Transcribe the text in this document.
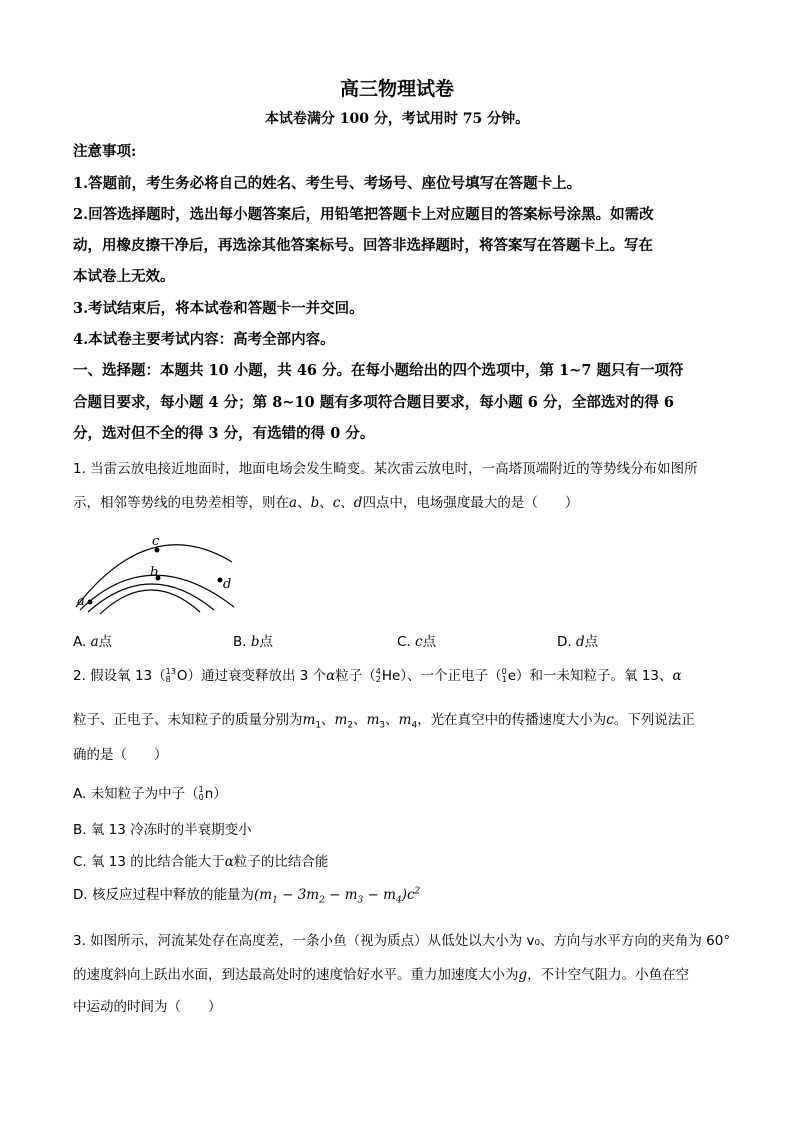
高三物理试卷
本试卷满分 100 分，考试用时 75 分钟。
注意事项:
1.答题前，考生务必将自己的姓名、考生号、考场号、座位号填写在答题卡上。
2.回答选择题时，选出每小题答案后，用铅笔把答题卡上对应题目的答案标号涂黑。如需改
动，用橡皮擦干净后，再选涂其他答案标号。回答非选择题时，将答案写在答题卡上。写在
本试卷上无效。
3.考试结束后，将本试卷和答题卡一并交回。
4.本试卷主要考试内容：高考全部内容。
一、选择题：本题共 10 小题，共 46 分。在每小题给出的四个选项中，第 1~7 题只有一项符
合题目要求，每小题 4 分；第 8~10 题有多项符合题目要求，每小题 6 分，全部选对的得 6
分，选对但不全的得 3 分，有选错的得 0 分。
1. 当雷云放电接近地面时，地面电场会发生畸变。某次雷云放电时，一高塔顶端附近的等势线分布如图所
示，相邻等势线的电势差相等，则在a、b、c、d四点中，电场强度最大的是（　　）
c
b
a
d
A. a点	B. b点	C. c点	D. d点
2. 假设氧 13（ 13
8 O）通过衰变释放出 3 个α粒子（ 4
2 He）、一个正电子（ 0
1 e）和一未知粒子。氧 13、α
粒子、正电子、未知粒子的质量分别为$m_1$、$m_2$、$m_3$、$m_4$，光在真空中的传播速度大小为c。下列说法正
确的是（　　）
A. 未知粒子为中子（ 1
0 n）
B. 氧 13 冷冻时的半衰期变小
C. 氧 13 的比结合能大于α粒子的比结合能
D. 核反应过程中释放的能量为$(m_1 - 3m_2 - m_3 - m_4)c^2$
3. 如图所示，河流某处存在高度差，一条小鱼（视为质点）从低处以大小为 v₀、方向与水平方向的夹角为 60°
的速度斜向上跃出水面，到达最高处时的速度恰好水平。重力加速度大小为g，不计空气阻力。小鱼在空
中运动的时间为（　　）
